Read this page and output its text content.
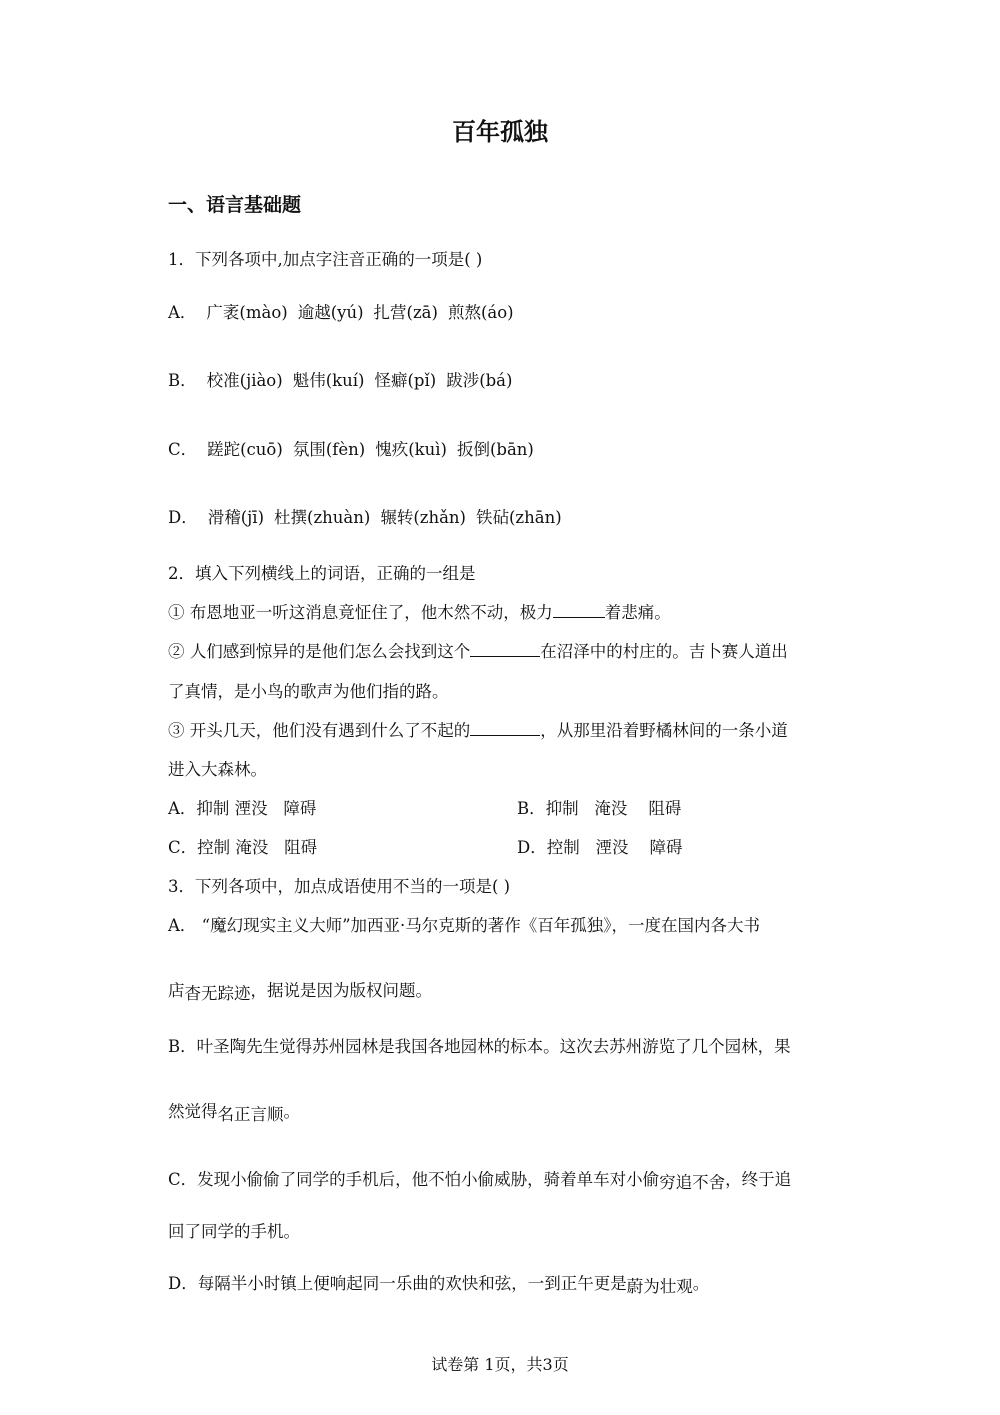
百年孤独
一、语言基础题
1．下列各项中,加点字注音正确的一项是( )
A． 广袤(mào) 逾越(yú) 扎营(zā) 煎熬(áo)
B． 校准(jiào) 魁伟(kuí) 怪癖(pǐ) 跋涉(bá)
C． 蹉跎(cuō) 氛围(fèn) 愧疚(kuì) 扳倒(bān)
D． 滑稽(jī) 杜撰(zhuàn) 辗转(zhǎn) 铁砧(zhān)
2．填入下列横线上的词语，正确的一组是
① 布恩地亚一听这消息竟怔住了，他木然不动，极力	着悲痛。
② 人们感到惊异的是他们怎么会找到这个	在沼泽中的村庄的。吉卜赛人道出
了真情，是小鸟的歌声为他们指的路。
③ 开头几天，他们没有遇到什么了不起的	，从那里沿着野橘林间的一条小道
进入大森林。
A．抑制 湮没   障碍	B．抑制   淹没    阻碍
C．控制 淹没   阻碍	D．控制   湮没    障碍
3．下列各项中，加点成语使用不当的一项是( )
A． “魔幻现实主义大师”加西亚·马尔克斯的著作《百年孤独》，一度在国内各大书
店杳无踪迹，据说是因为版权问题。
B．叶圣陶先生觉得苏州园林是我国各地园林的标本。这次去苏州游览了几个园林，果
然觉得名正言顺。
C．发现小偷偷了同学的手机后，他不怕小偷威胁，骑着单车对小偷穷追不舍，终于追
回了同学的手机。
D．每隔半小时镇上便响起同一乐曲的欢快和弦，一到正午更是蔚为壮观。
试卷第 1页，共3页
